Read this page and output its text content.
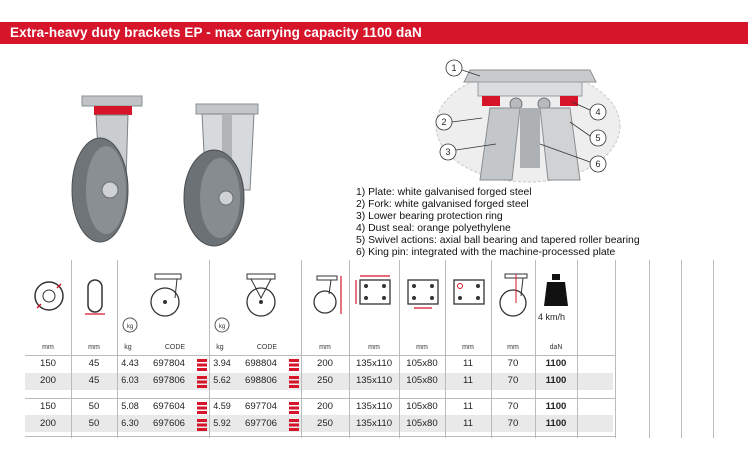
Extra-heavy duty brackets EP - max carrying capacity 1100 daN
1
2
3
4
5
6
1) Plate: white galvanised forged steel
2) Fork: white galvanised forged steel
3) Lower bearing protection ring
4) Dust seal: orange polyethylene
5) Swivel actions: axial ball bearing and tapered roller bearing
6) King pin: integrated with the machine-processed plate
4 km/h
kg	kg
mm	mm	kg	CODE	kg	CODE	mm	mm	mm	mm	mm	daN
150	45	4.43	697804	3.94	698804	200	135x110	105x80	11	70	1100
200	45	6.03	697806	5.62	698806	250	135x110	105x80	11	70	1100
150	50	5.08	697604	4.59	697704	200	135x110	105x80	11	70	1100
200	50	6.30	697606	5.92	697706	250	135x110	105x80	11	70	1100
